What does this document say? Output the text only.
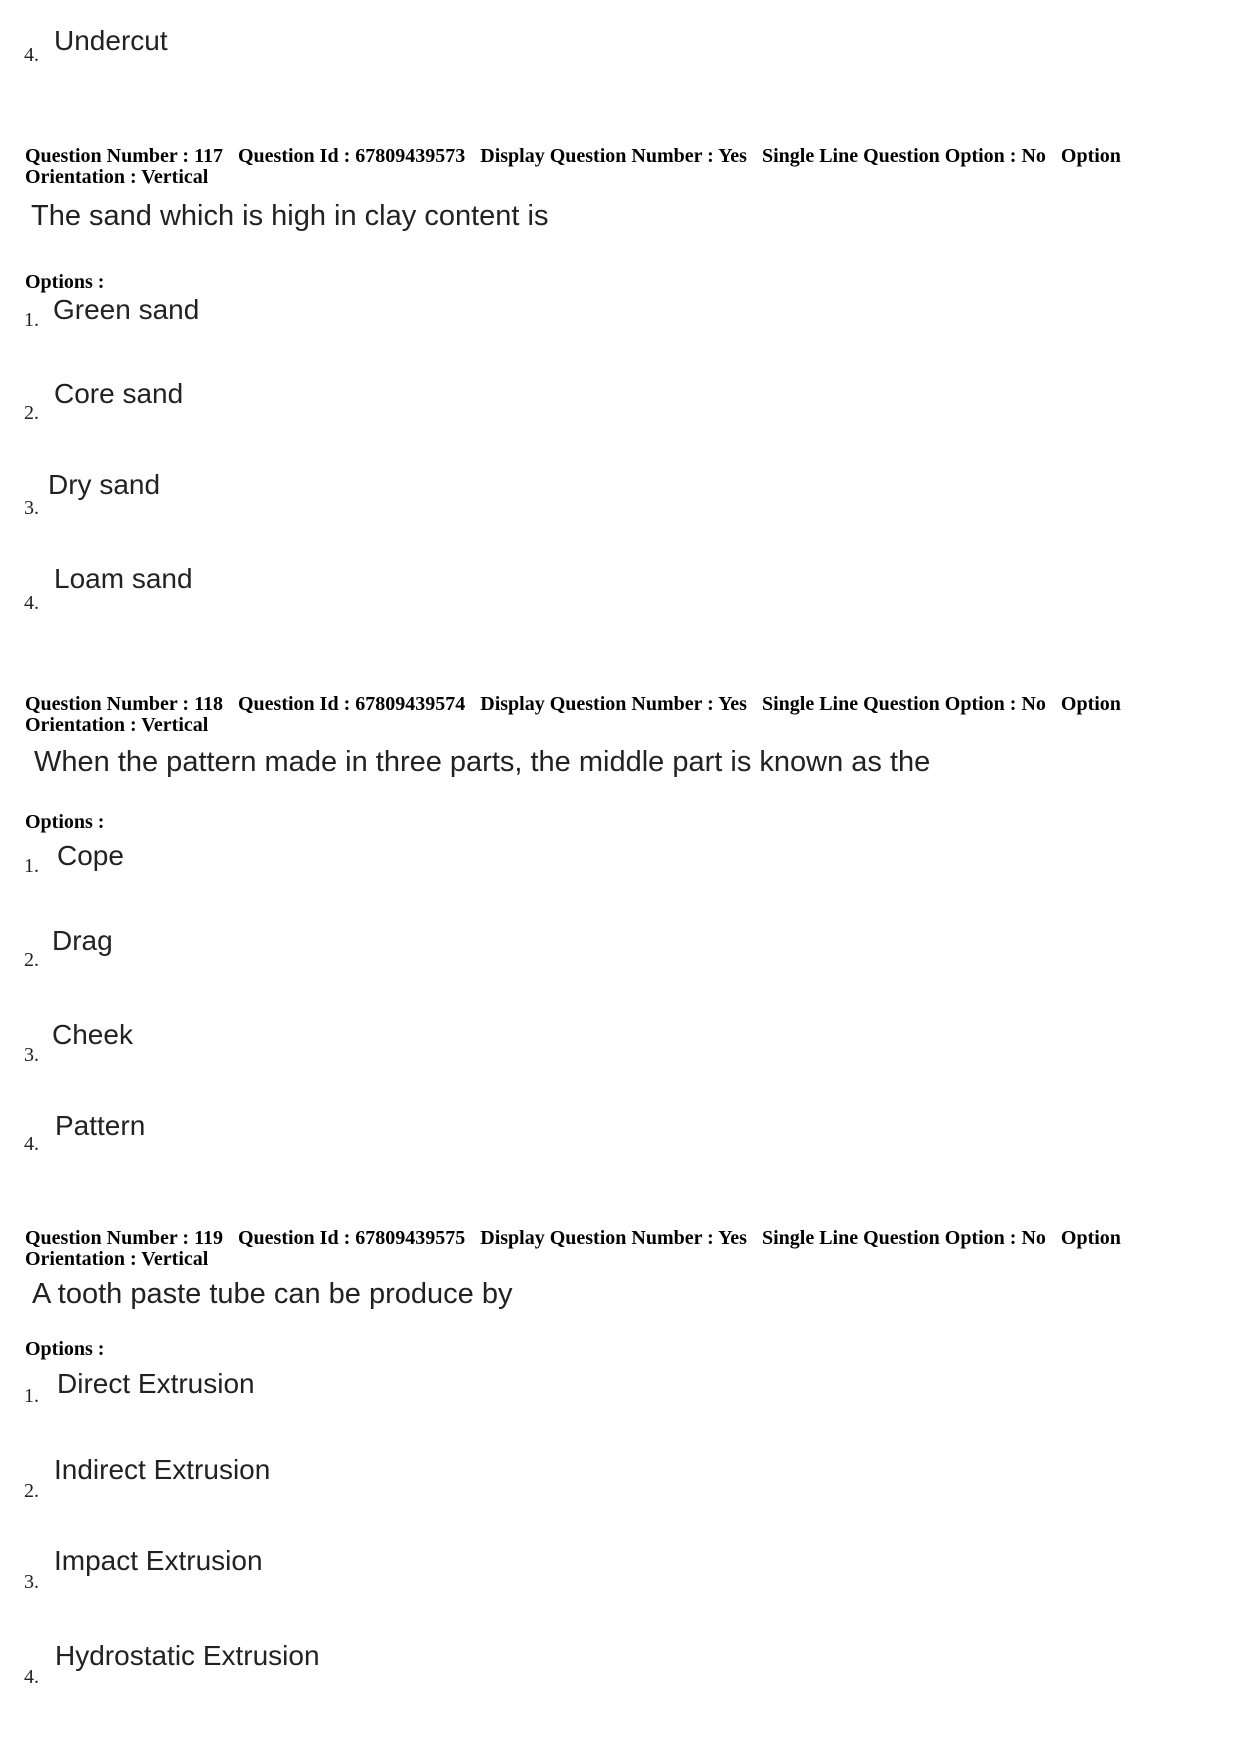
4. Undercut
Question Number : 117 Question Id : 67809439573 Display Question Number : Yes Single Line Question Option : No Option Orientation : Vertical
The sand which is high in clay content is
Options :
1. Green sand
2.
Core sand
3.
Dry sand
4.
Loam sand
Question Number : 118 Question Id : 67809439574 Display Question Number : Yes Single Line Question Option : No Option Orientation : Vertical
When the pattern made in three parts, the middle part is known as the
Options :
1. Cope
2.
Drag
3.
Cheek
4.
Pattern
Question Number : 119 Question Id : 67809439575 Display Question Number : Yes Single Line Question Option : No Option Orientation : Vertical
A tooth paste tube can be produce by
Options :
1. Direct Extrusion
2.
Indirect Extrusion
3.
Impact Extrusion
4.
Hydrostatic Extrusion
